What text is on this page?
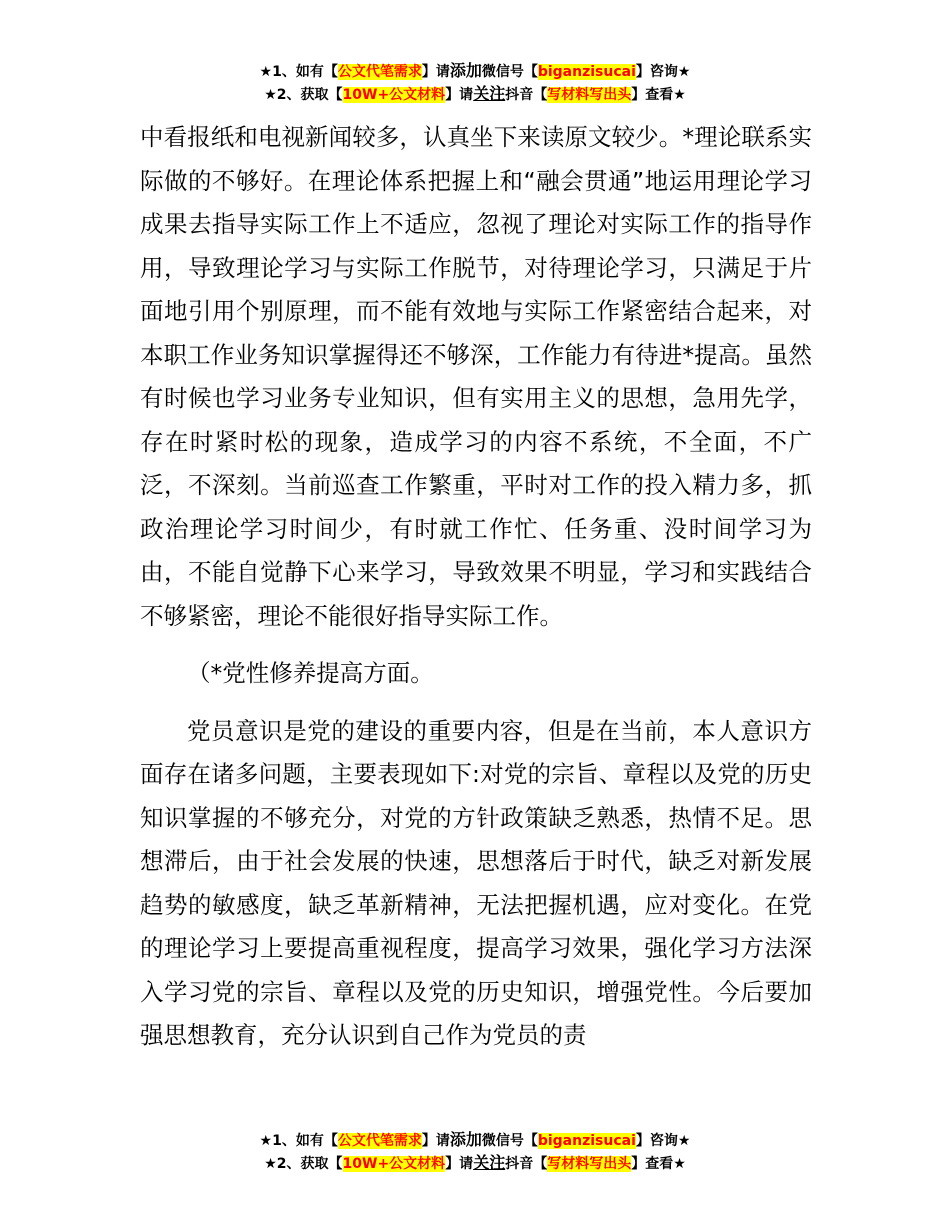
★1、如有【公文代笔需求】请添加微信号【biganzisucai】咨询★
★2、获取【10W+公文材料】请关注抖音【写材料写出头】查看★

中看报纸和电视新闻较多，认真坐下来读原文较少。*理论联系实际做的不够好。在理论体系把握上和“融会贯通”地运用理论学习成果去指导实际工作上不适应，忽视了理论对实际工作的指导作用，导致理论学习与实际工作脱节，对待理论学习，只满足于片面地引用个别原理，而不能有效地与实际工作紧密结合起来，对本职工作业务知识掌握得还不够深，工作能力有待进*提高。虽然有时候也学习业务专业知识，但有实用主义的思想，急用先学，存在时紧时松的现象，造成学习的内容不系统，不全面，不广泛，不深刻。当前巡查工作繁重，平时对工作的投入精力多，抓政治理论学习时间少，有时就工作忙、任务重、没时间学习为由，不能自觉静下心来学习，导致效果不明显，学习和实践结合不够紧密，理论不能很好指导实际工作。

（*党性修养提高方面。

党员意识是党的建设的重要内容，但是在当前，本人意识方面存在诸多问题，主要表现如下:对党的宗旨、章程以及党的历史知识掌握的不够充分，对党的方针政策缺乏熟悉，热情不足。思想滞后，由于社会发展的快速，思想落后于时代，缺乏对新发展趋势的敏感度，缺乏革新精神，无法把握机遇，应对变化。在党的理论学习上要提高重视程度，提高学习效果，强化学习方法深入学习党的宗旨、章程以及党的历史知识，增强党性。今后要加强思想教育，充分认识到自己作为党员的责

★1、如有【公文代笔需求】请添加微信号【biganzisucai】咨询★
★2、获取【10W+公文材料】请关注抖音【写材料写出头】查看★
